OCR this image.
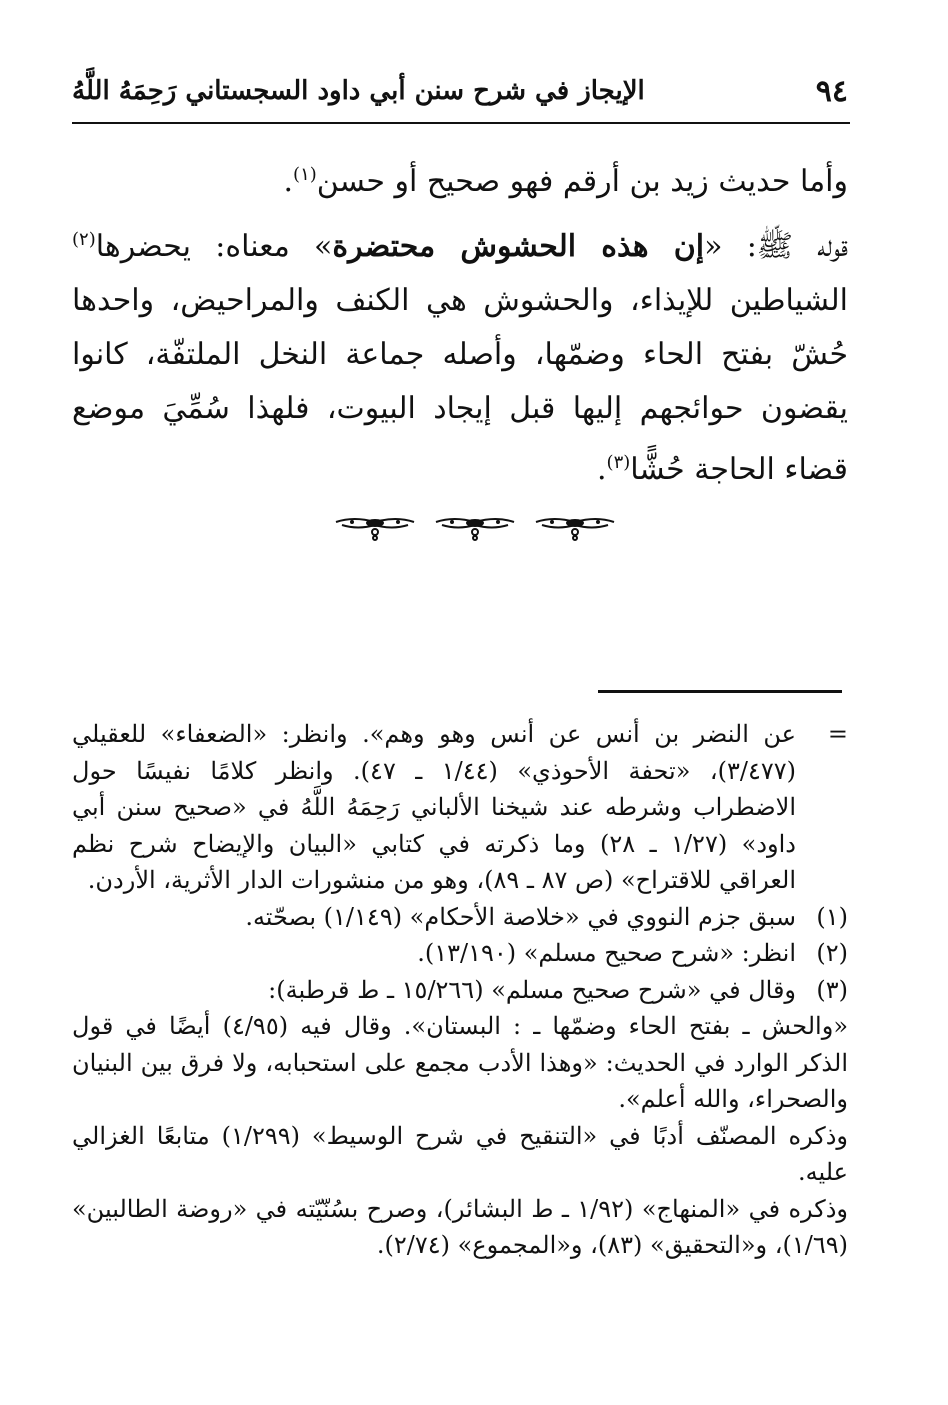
٩٤
الإيجاز في شرح سنن أبي داود السجستاني رَحِمَهُ اللَّهُ

وأما حديث زيد بن أرقم فهو صحيح أو حسن$^{(١)}$.

قوله ﷺ: «إن هذه الحشوش محتضرة» معناه: يحضرها$^{(٢)}$ الشياطين للإيذاء، والحشوش هي الكنف والمراحيض، واحدها حُشّ بفتح الحاء وضمّها، وأصله جماعة النخل الملتفّة، كانوا يقضون حوائجهم إليها قبل إيجاد البيوت، فلهذا سُمِّيَ موضع قضاء الحاجة حُشًّا$^{(٣)}$.

=
عن النضر بن أنس عن أنس وهو وهم». وانظر: «الضعفاء» للعقيلي (٣/٤٧٧)، «تحفة الأحوذي» (١/٤٤ ـ ٤٧). وانظر كلامًا نفيسًا حول الاضطراب وشرطه عند شيخنا الألباني رَحِمَهُ اللَّهُ في «صحيح سنن أبي داود» (١/٢٧ ـ ٢٨) وما ذكرته في كتابي «البيان والإيضاح شرح نظم العراقي للاقتراح» (ص ٨٧ ـ ٨٩)، وهو من منشورات الدار الأثرية، الأردن.
(١)
سبق جزم النووي في «خلاصة الأحكام» (١/١٤٩) بصحّته.
(٢)
انظر: «شرح صحيح مسلم» (١٣/١٩٠).
(٣)
وقال في «شرح صحيح مسلم» (١٥/٢٦٦ ـ ط قرطبة):
«والحش ـ بفتح الحاء وضمّها ـ : البستان». وقال فيه (٤/٩٥) أيضًا في قول الذكر الوارد في الحديث: «وهذا الأدب مجمع على استحبابه، ولا فرق بين البنيان والصحراء، والله أعلم».
وذكره المصنّف أدبًا في «التنقيح في شرح الوسيط» (١/٢٩٩) متابعًا الغزالي عليه.
وذكره في «المنهاج» (١/٩٢ ـ ط البشائر)، وصرح بسُنّيّته في «روضة الطالبين» (١/٦٩)، و«التحقيق» (٨٣)، و«المجموع» (٢/٧٤).
